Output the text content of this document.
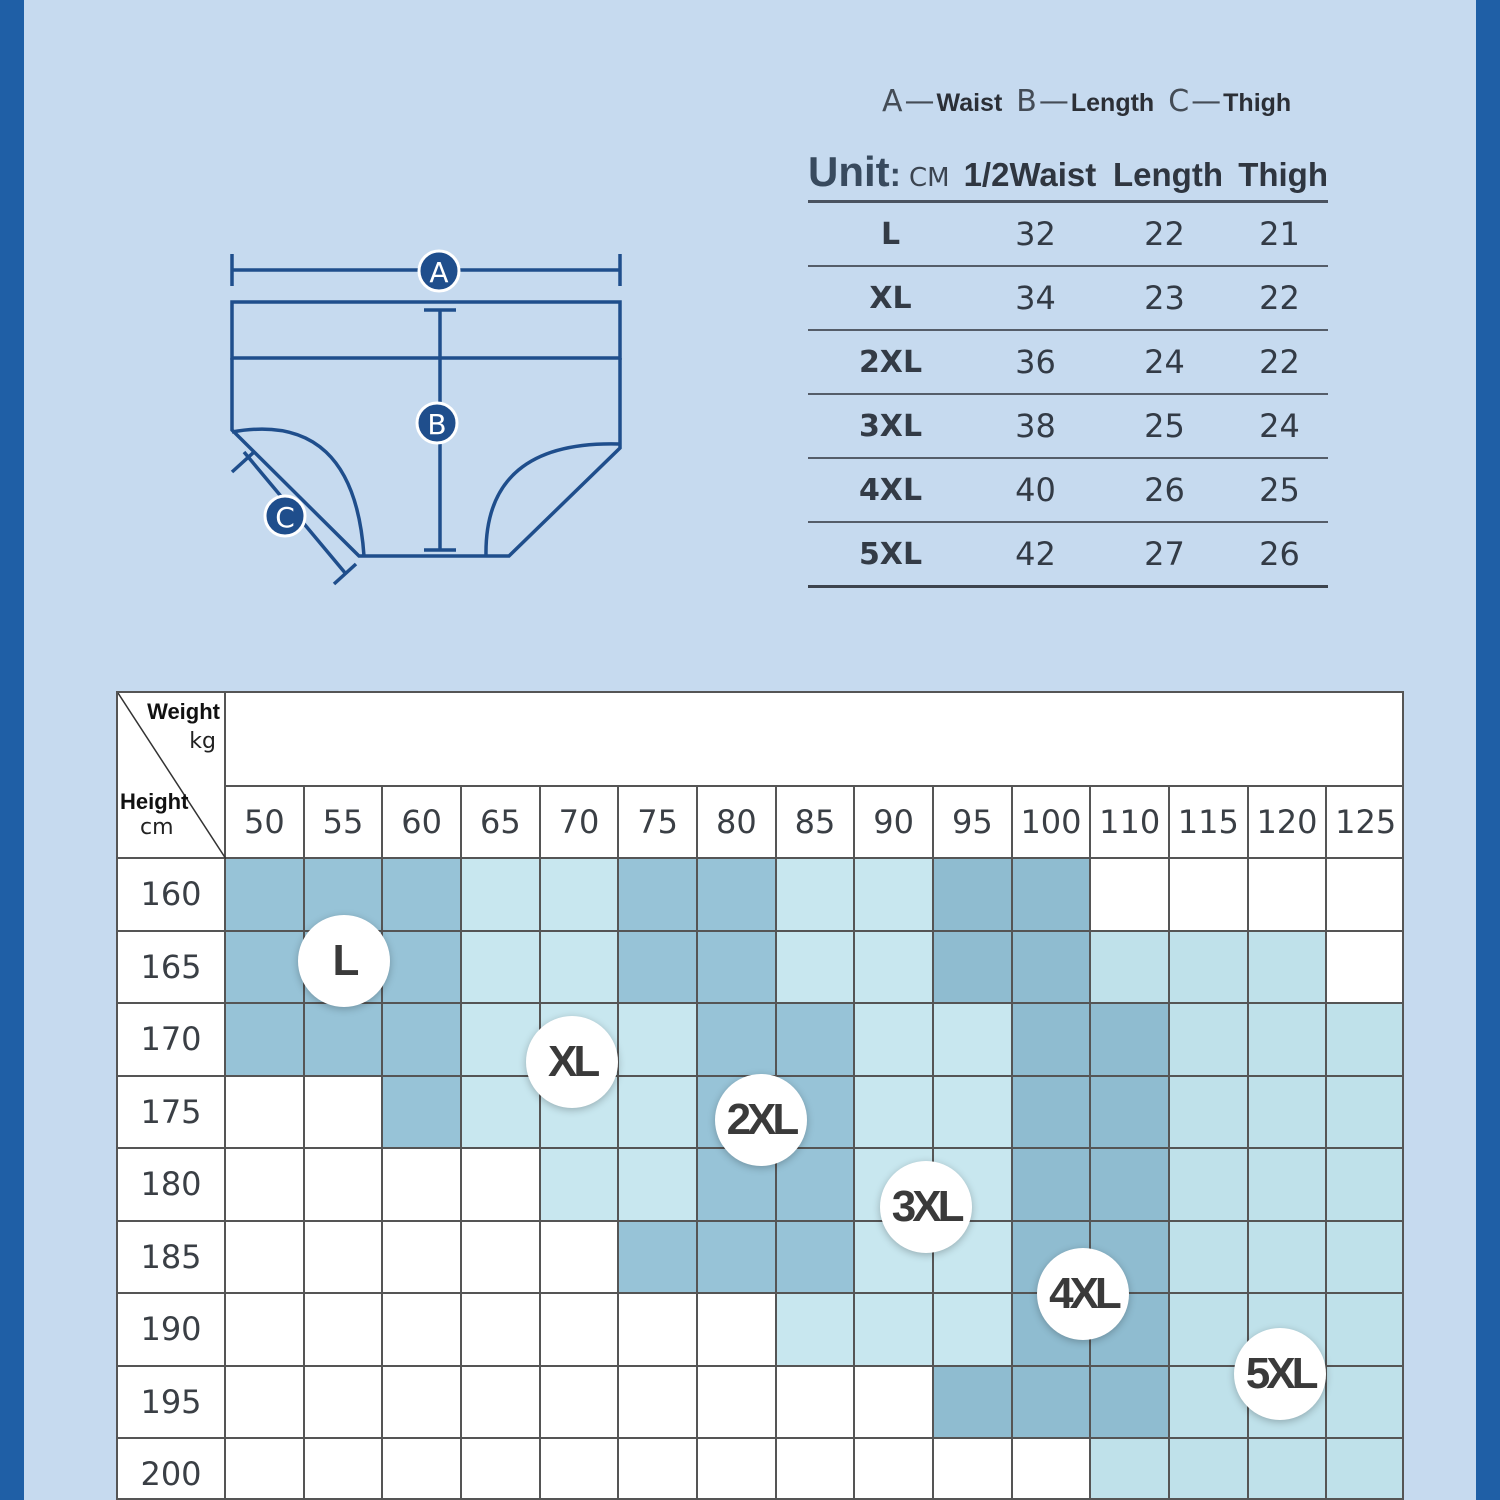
A — Waist B — Length C — Thigh
A
B
C
Unit : CM 1/2Waist Length Thigh
L	32	22	21
XL	34	23	22
2XL	36	24	22
3XL	38	25	24
4XL	40	26	25
5XL	42	27	26
Weight
kg
Height
cm	50	55	60	65	70	75	80	85	90	95 100 110 115 120 125
160
165
170
175
180
185
190
195
200
L
XL
2XL
3XL
4XL
5XL
